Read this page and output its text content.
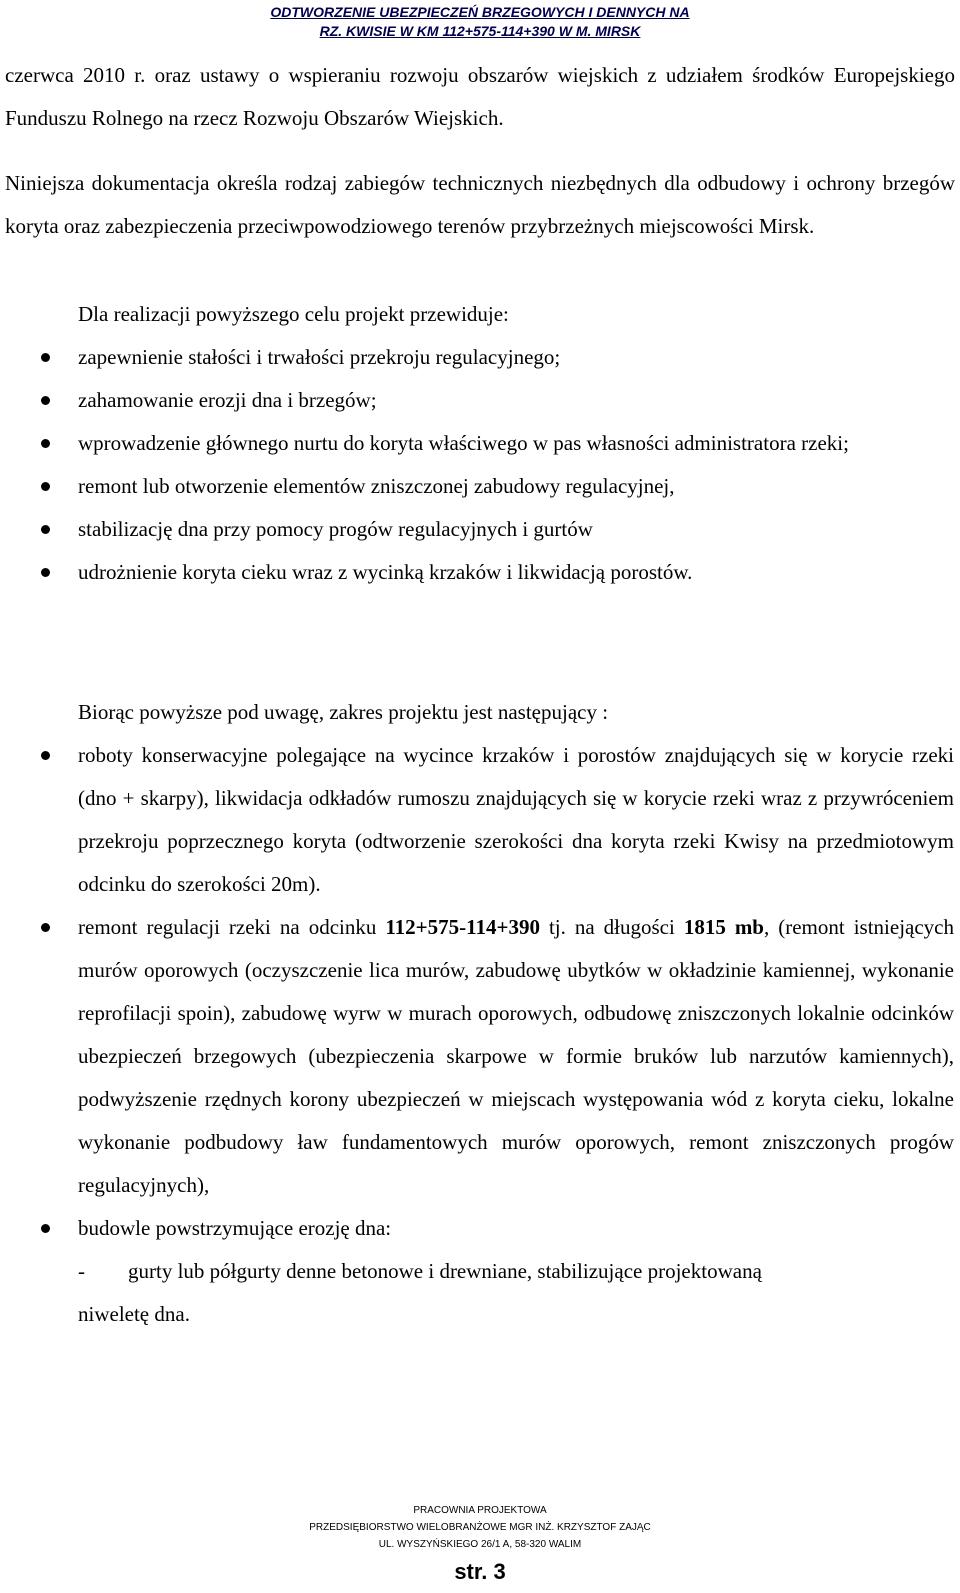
ODTWORZENIE UBEZPIECZEŃ BRZEGOWYCH I DENNYCH NA
RZ. KWISIE W KM 112+575-114+390 W M. MIRSK

czerwca 2010 r. oraz ustawy o wspieraniu rozwoju obszarów wiejskich z udziałem środków Europejskiego Funduszu Rolnego na rzecz Rozwoju Obszarów Wiejskich.

Niniejsza dokumentacja określa rodzaj zabiegów technicznych niezbędnych dla odbudowy i ochrony brzegów koryta oraz zabezpieczenia przeciwpowodziowego terenów przybrzeżnych miejscowości Mirsk.

Dla realizacji powyższego celu projekt przewiduje:

zapewnienie stałości i trwałości przekroju regulacyjnego;
zahamowanie erozji dna i brzegów;
wprowadzenie głównego nurtu do koryta właściwego w pas własności administratora rzeki;
remont lub otworzenie elementów zniszczonej zabudowy regulacyjnej,
stabilizację dna przy pomocy progów regulacyjnych i gurtów
udrożnienie koryta cieku wraz z wycinką krzaków i likwidacją porostów.

Biorąc powyższe pod uwagę, zakres projektu jest następujący :

roboty konserwacyjne polegające na wycince krzaków i porostów znajdujących się w korycie rzeki (dno + skarpy), likwidacja odkładów rumoszu znajdujących się w korycie rzeki wraz z przywróceniem przekroju poprzecznego koryta (odtworzenie szerokości dna koryta rzeki Kwisy na przedmiotowym odcinku do szerokości 20m).
remont regulacji rzeki na odcinku 112+575-114+390 tj. na długości 1815 mb, (remont istniejących murów oporowych (oczyszczenie lica murów, zabudowę ubytków w okładzinie kamiennej, wykonanie reprofilacji spoin), zabudowę wyrw w murach oporowych, odbudowę zniszczonych lokalnie odcinków ubezpieczeń brzegowych (ubezpieczenia skarpowe w formie bruków lub narzutów kamiennych), podwyższenie rzędnych korony ubezpieczeń w miejscach występowania wód z koryta cieku, lokalne wykonanie podbudowy ław fundamentowych murów oporowych, remont zniszczonych progów regulacyjnych),
budowle powstrzymujące erozję dna:
-	gurty lub półgurty denne betonowe i drewniane, stabilizujące projektowaną

niweletę dna.

PRACOWNIA PROJEKTOWA
PRZEDSIĘBIORSTWO WIELOBRANŻOWE MGR INŻ. KRZYSZTOF ZAJĄC
UL. WYSZYŃSKIEGO 26/1 A, 58-320 WALIM
str. 3
